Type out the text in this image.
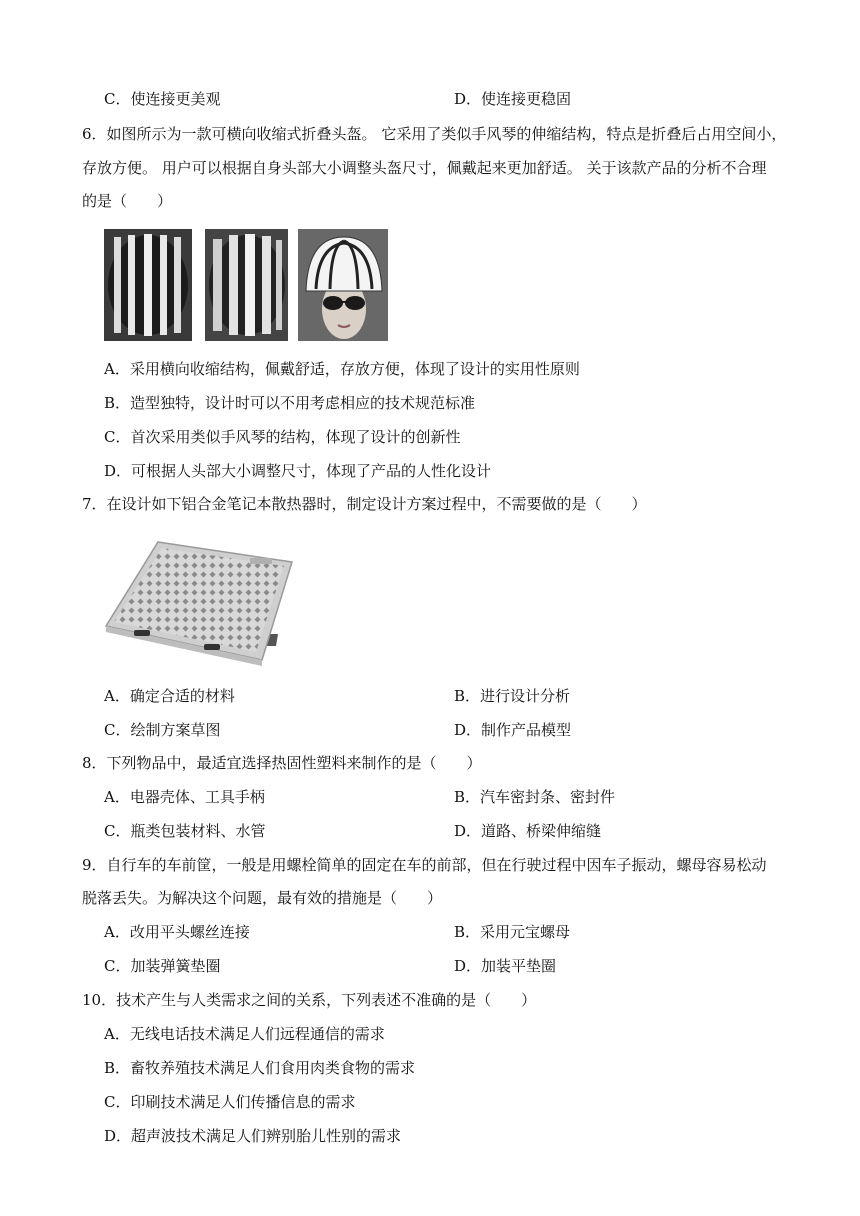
C．使连接更美观	D．使连接更稳固
6．如图所示为一款可横向收缩式折叠头盔。 它采用了类似手风琴的伸缩结构，特点是折叠后占用空间小，
存放方便。 用户可以根据自身头部大小调整头盔尺寸，佩戴起来更加舒适。 关于该款产品的分析不合理
的是（　　）
A．采用横向收缩结构，佩戴舒适，存放方便，体现了设计的实用性原则
B．造型独特，设计时可以不用考虑相应的技术规范标准
C．首次采用类似手风琴的结构，体现了设计的创新性
D．可根据人头部大小调整尺寸，体现了产品的人性化设计
7．在设计如下铝合金笔记本散热器时，制定设计方案过程中，不需要做的是（　　）
A．确定合适的材料	B．进行设计分析
C．绘制方案草图	D．制作产品模型
8．下列物品中，最适宜选择热固性塑料来制作的是（　　）
A．电器壳体、工具手柄	B．汽车密封条、密封件
C．瓶类包装材料、水管	D．道路、桥梁伸缩缝
9．自行车的车前筐，一般是用螺栓简单的固定在车的前部，但在行驶过程中因车子振动，螺母容易松动
脱落丢失。为解决这个问题，最有效的措施是（　　）
A．改用平头螺丝连接	B．采用元宝螺母
C．加装弹簧垫圈	D．加装平垫圈
10．技术产生与人类需求之间的关系，下列表述不准确的是（　　）
A．无线电话技术满足人们远程通信的需求
B．畜牧养殖技术满足人们食用肉类食物的需求
C．印刷技术满足人们传播信息的需求
D．超声波技术满足人们辨别胎儿性别的需求
